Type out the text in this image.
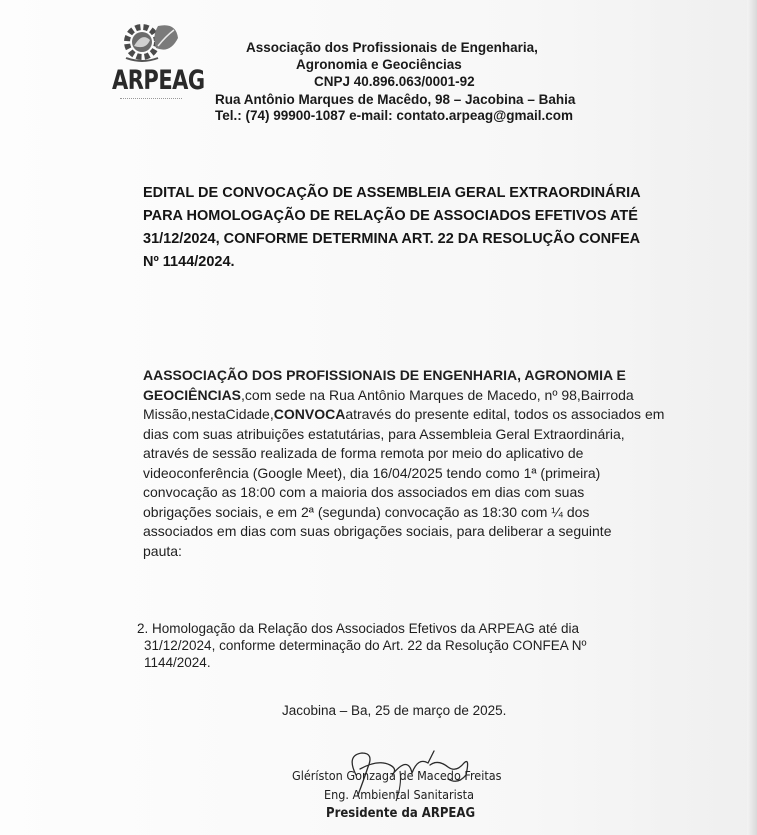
ARPEAG
Associação dos Profissionais de Engenharia,
Agronomia e Geociências
CNPJ 40.896.063/0001-92
Rua Antônio Marques de Macêdo, 98 – Jacobina – Bahia
Tel.: (74) 99900-1087 e-mail: contato.arpeag@gmail.com
EDITAL DE CONVOCAÇÃO DE ASSEMBLEIA GERAL EXTRAORDINÁRIA
PARA HOMOLOGAÇÃO DE RELAÇÃO DE ASSOCIADOS EFETIVOS ATÉ
31/12/2024, CONFORME DETERMINA ART. 22 DA RESOLUÇÃO CONFEA
Nº 1144/2024.
AASSOCIAÇÃO DOS PROFISSIONAIS DE ENGENHARIA, AGRONOMIA E
GEOCIÊNCIAS ,com sede na Rua Antônio Marques de Macedo, nº 98,Bairroda
Missão,nestaCidade, CONVOCA através do presente edital, todos os associados em
dias com suas atribuições estatutárias, para Assembleia Geral Extraordinária,
através de sessão realizada de forma remota por meio do aplicativo de
videoconferência (Google Meet), dia 16/04/2025 tendo como 1ª (primeira)
convocação as 18:00 com a maioria dos associados em dias com suas
obrigações sociais, e em 2ª (segunda) convocação as 18:30 com ¼ dos
associados em dias com suas obrigações sociais, para deliberar a seguinte
pauta:
2. Homologação da Relação dos Associados Efetivos da ARPEAG até dia
31/12/2024, conforme determinação do Art. 22 da Resolução CONFEA Nº
1144/2024.
Jacobina – Ba, 25 de março de 2025.
Gléríston Gonzaga de Macedo Freitas
Eng. Ambiental Sanitarista
Presidente da ARPEAG
